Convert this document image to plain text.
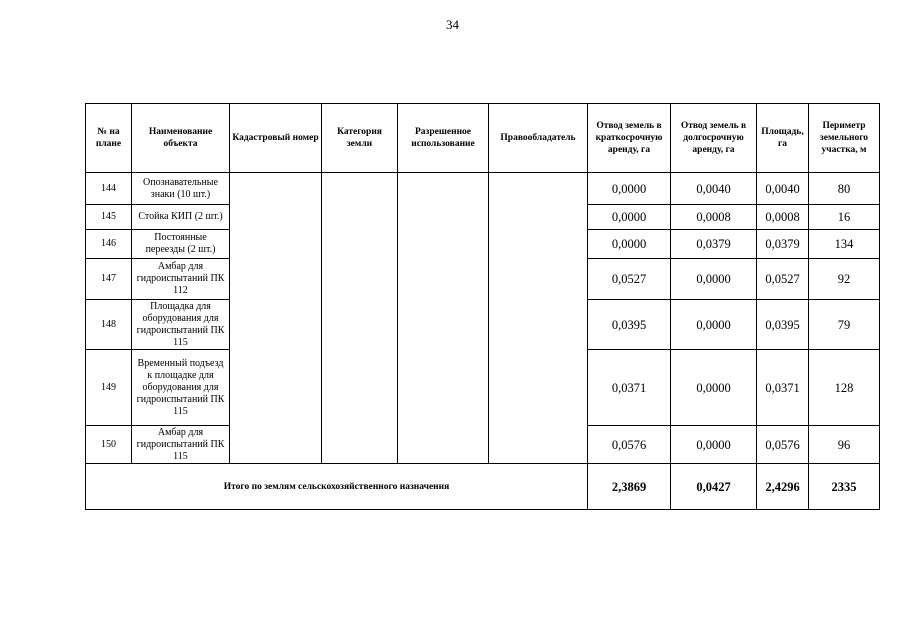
34
№ на плане	Наименование объекта	Кадастровый номер	Категория земли	Разрешенное использование	Правообладатель	Отвод земель в краткосрочную аренду, га	Отвод земель в долгосрочную аренду, га	Площадь, га	Периметр земельного участка, м
144	Опознавательные знаки (10 шт.)					0,0000	0,0040	0,0040	80
145	Стойка КИП (2 шт.)					0,0000	0,0008	0,0008	16
146	Постоянные переезды (2 шт.)					0,0000	0,0379	0,0379	134
147	Амбар для гидроиспытаний ПК 112					0,0527	0,0000	0,0527	92
148	Площадка для оборудования для гидроиспытаний ПК 115					0,0395	0,0000	0,0395	79
149	Временный подъезд к площадке для оборудования для гидроиспытаний ПК 115					0,0371	0,0000	0,0371	128
150	Амбар для гидроиспытаний ПК 115					0,0576	0,0000	0,0576	96
Итого по землям сельскохозяйственного назначения						2,3869	0,0427	2,4296	2335
